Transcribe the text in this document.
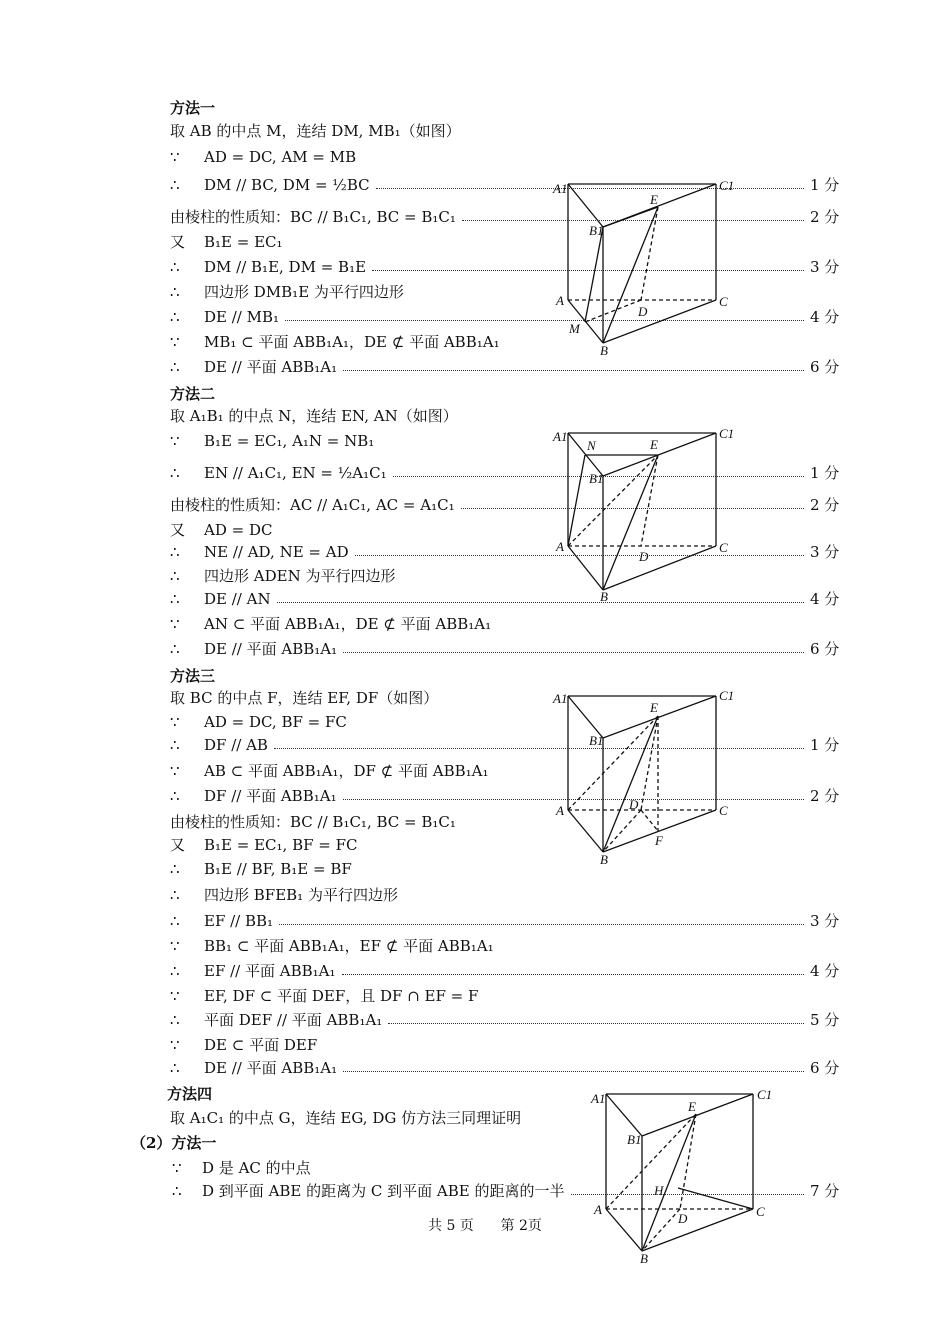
方法一
取 AB 的中点 M，连结 DM, MB₁（如图）
∵ AD = DC, AM = MB
∴ DM // BC, DM = ½BC	1 分
由棱柱的性质知：BC // B₁C₁, BC = B₁C₁	2 分
又 B₁E = EC₁
∴ DM // B₁E, DM = B₁E	3 分
∴ 四边形 DMB₁E 为平行四边形
∴ DE // MB₁	4 分
∵ MB₁ ⊂ 平面 ABB₁A₁，DE ⊄ 平面 ABB₁A₁
∴ DE // 平面 ABB₁A₁	6 分
方法二
取 A₁B₁ 的中点 N，连结 EN, AN（如图）
∵ B₁E = EC₁, A₁N = NB₁
∴ EN // A₁C₁, EN = ½A₁C₁	1 分
由棱柱的性质知：AC // A₁C₁, AC = A₁C₁	2 分
又 AD = DC
∴ NE // AD, NE = AD	3 分
∴ 四边形 ADEN 为平行四边形
∴ DE // AN	4 分
∵ AN ⊂ 平面 ABB₁A₁，DE ⊄ 平面 ABB₁A₁
∴ DE // 平面 ABB₁A₁	6 分
方法三
取 BC 的中点 F，连结 EF, DF（如图）
∵ AD = DC, BF = FC
∴ DF // AB	1 分
∵ AB ⊂ 平面 ABB₁A₁，DF ⊄ 平面 ABB₁A₁
∴ DF // 平面 ABB₁A₁	2 分
由棱柱的性质知：BC // B₁C₁, BC = B₁C₁
又 B₁E = EC₁, BF = FC
∴ B₁E // BF, B₁E = BF
∴ 四边形 BFEB₁ 为平行四边形
∴ EF // BB₁	3 分
∵ BB₁ ⊂ 平面 ABB₁A₁，EF ⊄ 平面 ABB₁A₁
∴ EF // 平面 ABB₁A₁	4 分
∵ EF, DF ⊂ 平面 DEF，且 DF ∩ EF = F
∴ 平面 DEF // 平面 ABB₁A₁	5 分
∵ DE ⊂ 平面 DEF
∴ DE // 平面 ABB₁A₁	6 分
方法四
取 A₁C₁ 的中点 G，连结 EG, DG 仿方法三同理证明
（2）方法一
∵ D 是 AC 的中点
∴ D 到平面 ABE 的距离为 C 到平面 ABE 的距离的一半	7 分
A1	C1
E
B1
A	C
D
M
B
A1
N	E
C1
B1
A	C
D
B
A1	C1
E
B1
A	D	C
F
B
A1	C1
E
B1
H
A
D	C
B
共 5 页 第 2页
